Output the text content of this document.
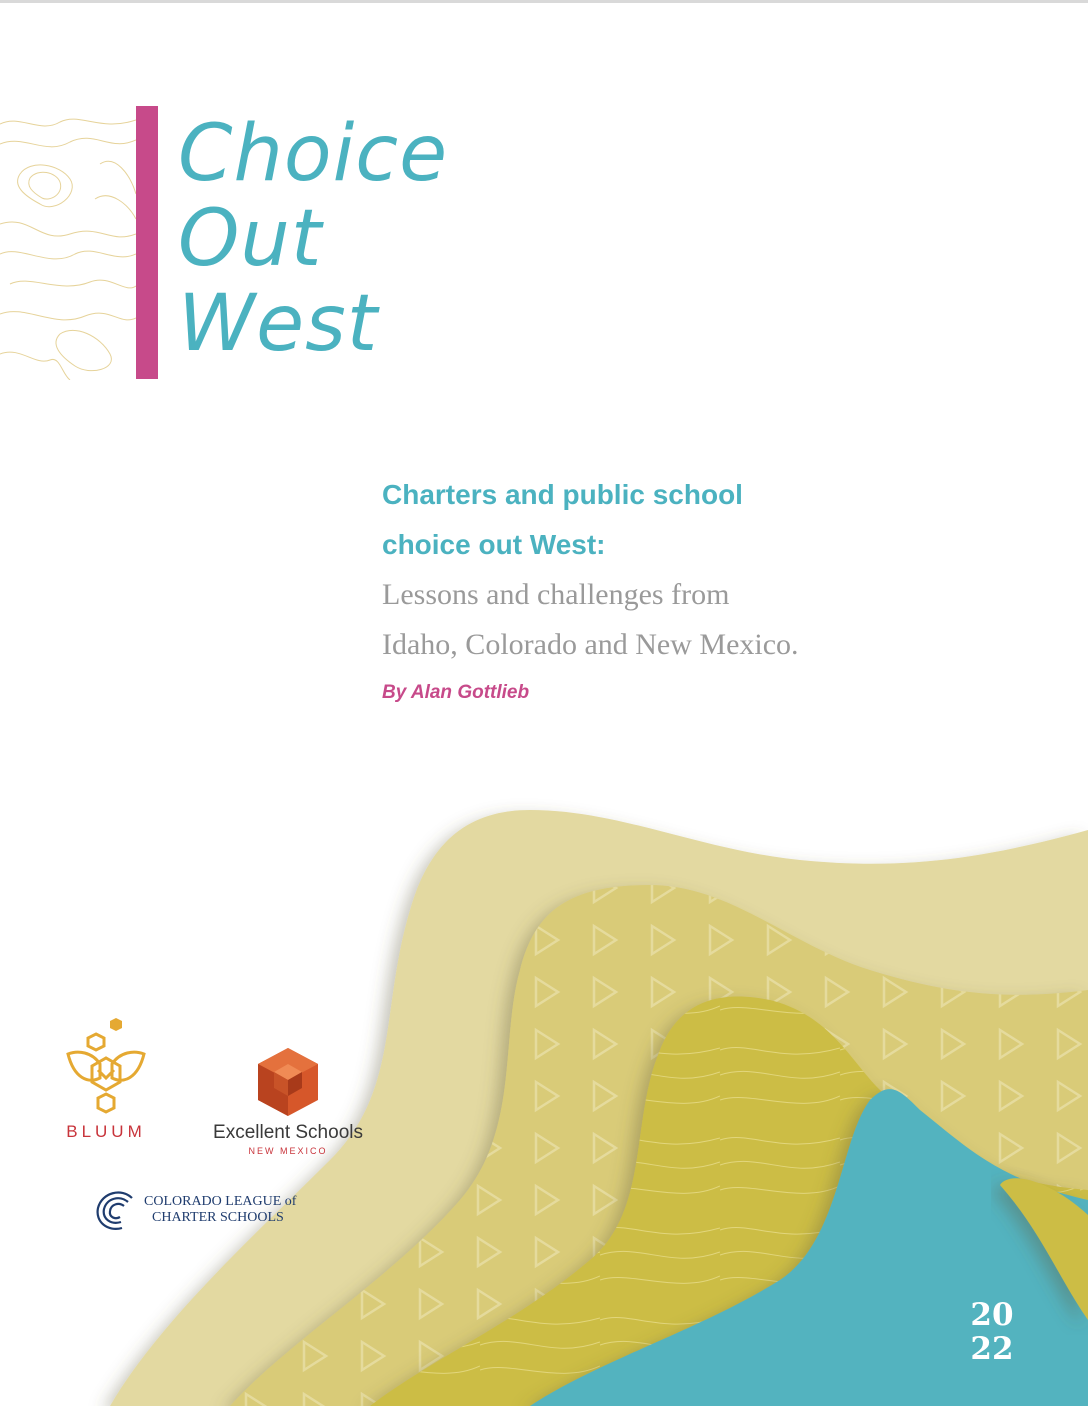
Choice
Out
West
Charters and public school
choice out West:

Lessons and challenges from
Idaho, Colorado and New Mexico.

By Alan Gottlieb
20
22
BLUUM	Excellent Schools
NEW MEXICO
COLORADO LEAGUE of
CHARTER SCHOOLS
